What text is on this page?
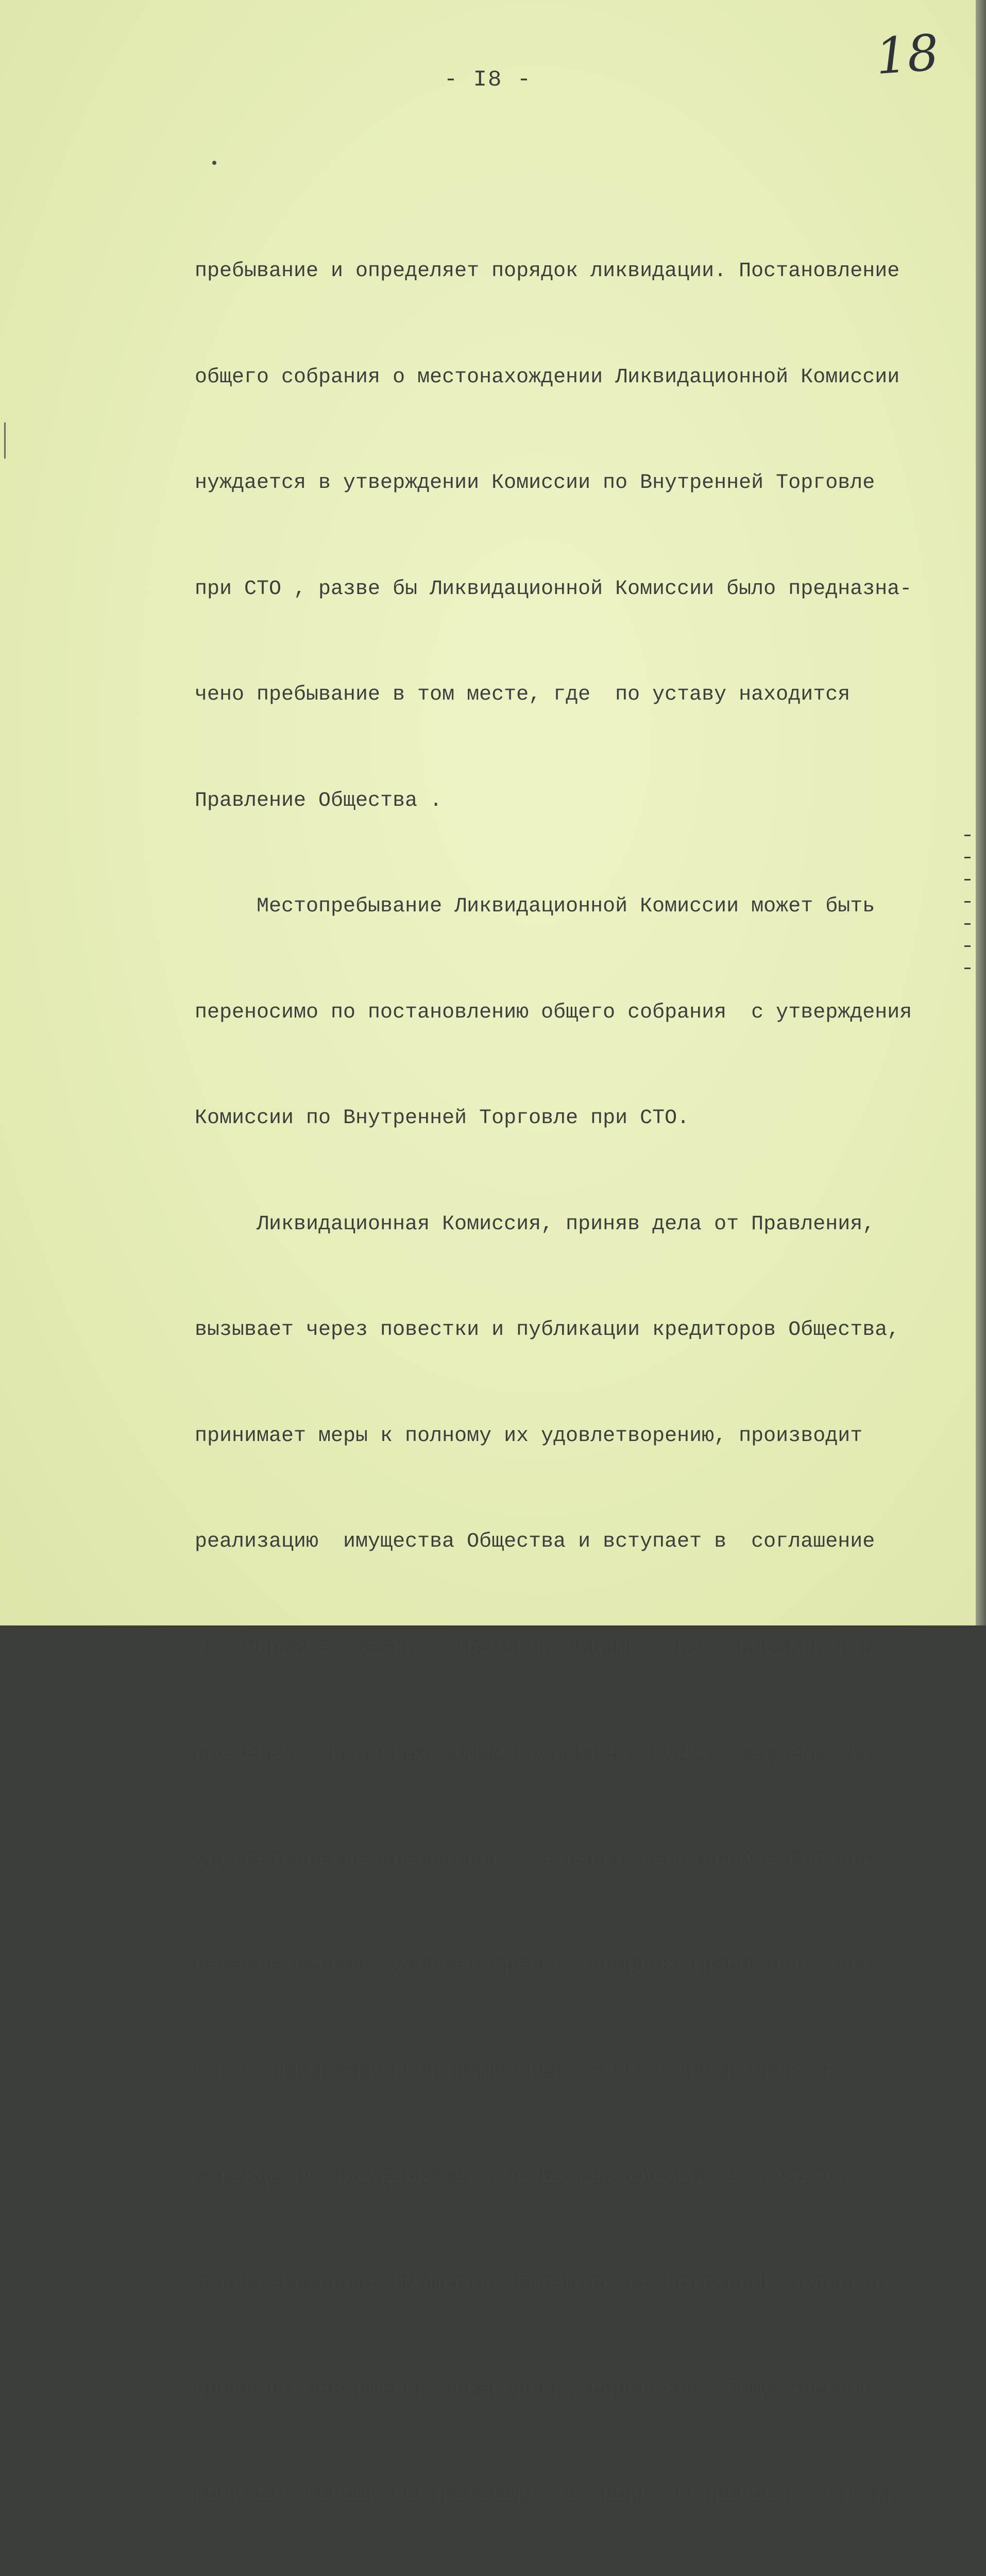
- I8 -	18

пребывание и определяет порядок ликвидации. Постановление

общего собрания о местонахождении Ликвидационной Комиссии

нуждается в утверждении Комиссии по Внутренней Торговле

при СТО , разве бы Ликвидационной Комиссии было предназна-

чено пребывание в том месте, где  по уставу находится

Правление Общества .

Местопребывание Ликвидационной Комиссии может быть

переносимо по постановлению общего собрания  с утверждения

Комиссии по Внутренней Торговле при СТО.

Ликвидационная Комиссия, приняв дела от Правления,

вызывает через повестки и публикации кредиторов Общества,

принимает меры к полному их удовлетворению, производит

реализацию  имущества Общества и вступает в  соглашение

и  мировые сделки с третьими лицами , на основании и в

пределах, указанных общим собранием. Суммы следуемые на

удовлетворение кредиторов , а равно необходимые для обез-

печения полного удовлетворения  спорных требований, вно-

сятся Ликвидационной Комиссией за счет кредиторов  в

учреждения Государственного Банка. Свободные  остатки

ликвидационного имущества выдаются по истечении годового

срока по завершении ликвидации, Еврейскому Общественному

Комитету помощи пострадавшим  от войн, погромов и  стихий-
